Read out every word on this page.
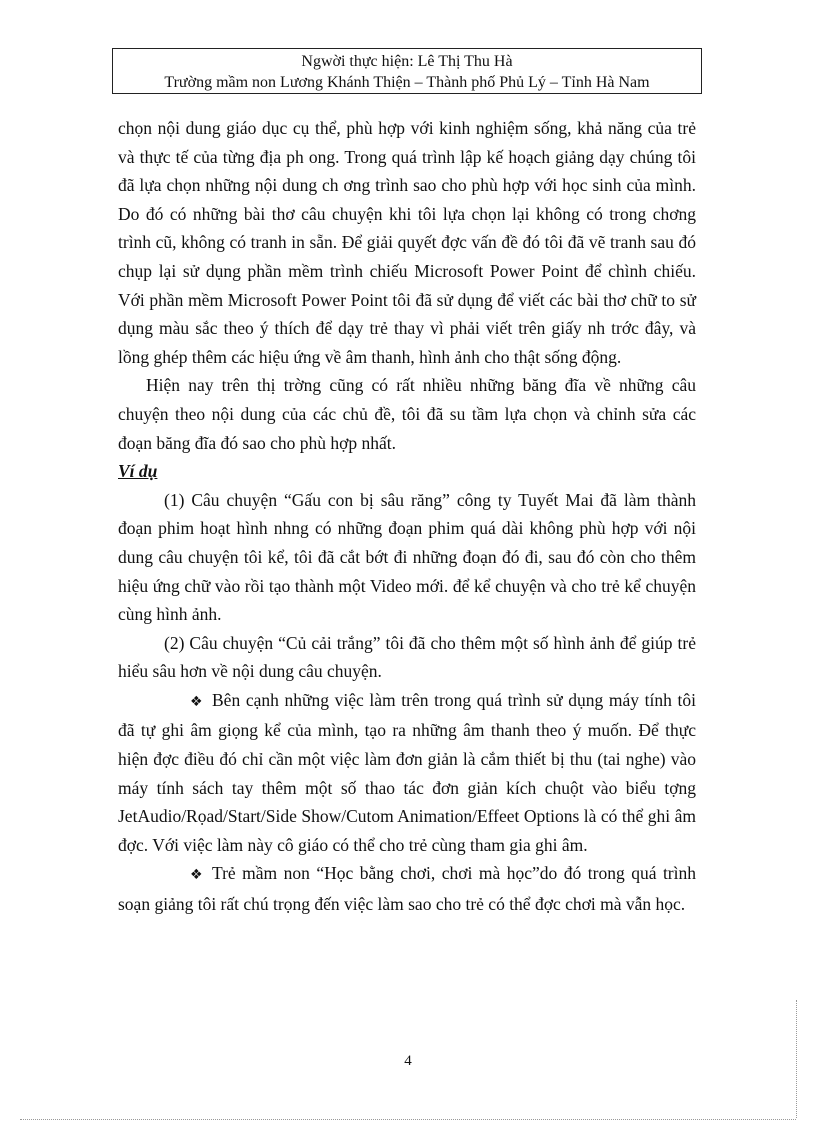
Ngwời thực hiện: Lê Thị Thu Hà
Trường mầm non Lương Khánh Thiện – Thành phố Phủ Lý – Tỉnh Hà Nam

chọn nội dung giáo dục cụ thể, phù hợp với kinh nghiệm sống, khả năng của trẻ và thực tế của từng địa ph ong. Trong quá trình lập kế hoạch giảng dạy chúng tôi đã lựa chọn những nội dung ch ơng trình sao cho phù hợp với học sinh của mình. Do đó có những bài thơ câu chuyện khi tôi lựa chọn lại không có trong chơng trình cũ, không có tranh in sẵn. Để giải quyết đợc vấn đề đó tôi đã vẽ tranh sau đó chụp lại sử dụng phần mềm trình chiếu Microsoft Power Point để chình chiếu. Với phần mềm Microsoft Power Point tôi đã sử dụng để viết các bài thơ chữ to sử dụng màu sắc theo ý thích để dạy trẻ thay vì phải viết trên giấy nh trớc đây, và lồng ghép thêm các hiệu ứng về âm thanh, hình ảnh cho thật sống động.

Hiện nay trên thị trờng cũng có rất nhiều những băng đĩa về những câu chuyện theo nội dung của các chủ đề, tôi đã su tầm lựa chọn và chỉnh sửa các đoạn băng đĩa đó sao cho phù hợp nhất.

Ví dụ

(1) Câu chuyện “Gấu con bị sâu răng” công ty Tuyết Mai đã làm thành đoạn phim hoạt hình nhng có những đoạn phim quá dài không phù hợp với nội dung câu chuyện tôi kể, tôi đã cắt bớt đi những đoạn đó đi, sau đó còn cho thêm hiệu ứng chữ vào rồi tạo thành một Video mới. để kể chuyện và cho trẻ kể chuyện cùng hình ảnh.

(2) Câu chuyện “Củ cải trắng” tôi đã cho thêm một số hình ảnh để giúp trẻ hiểu sâu hơn về nội dung câu chuyện.

❖ Bên cạnh những việc làm trên trong quá trình sử dụng máy tính tôi đã tự ghi âm giọng kể của mình, tạo ra những âm thanh theo ý muốn. Để thực hiện đợc điều đó chỉ cần một việc làm đơn giản là cắm thiết bị thu (tai nghe) vào máy tính sách tay thêm một số thao tác đơn giản kích chuột vào biểu tợng JetAudio/Rọad/Start/Side Show/Cutom Animation/Effeet Options là có thể ghi âm đợc. Với việc làm này cô giáo có thể cho trẻ cùng tham gia ghi âm.

❖ Trẻ mầm non “Học bằng chơi, chơi mà học”do đó trong quá trình soạn giảng tôi rất chú trọng đến việc làm sao cho trẻ có thể đợc chơi mà vẫn học.

4
